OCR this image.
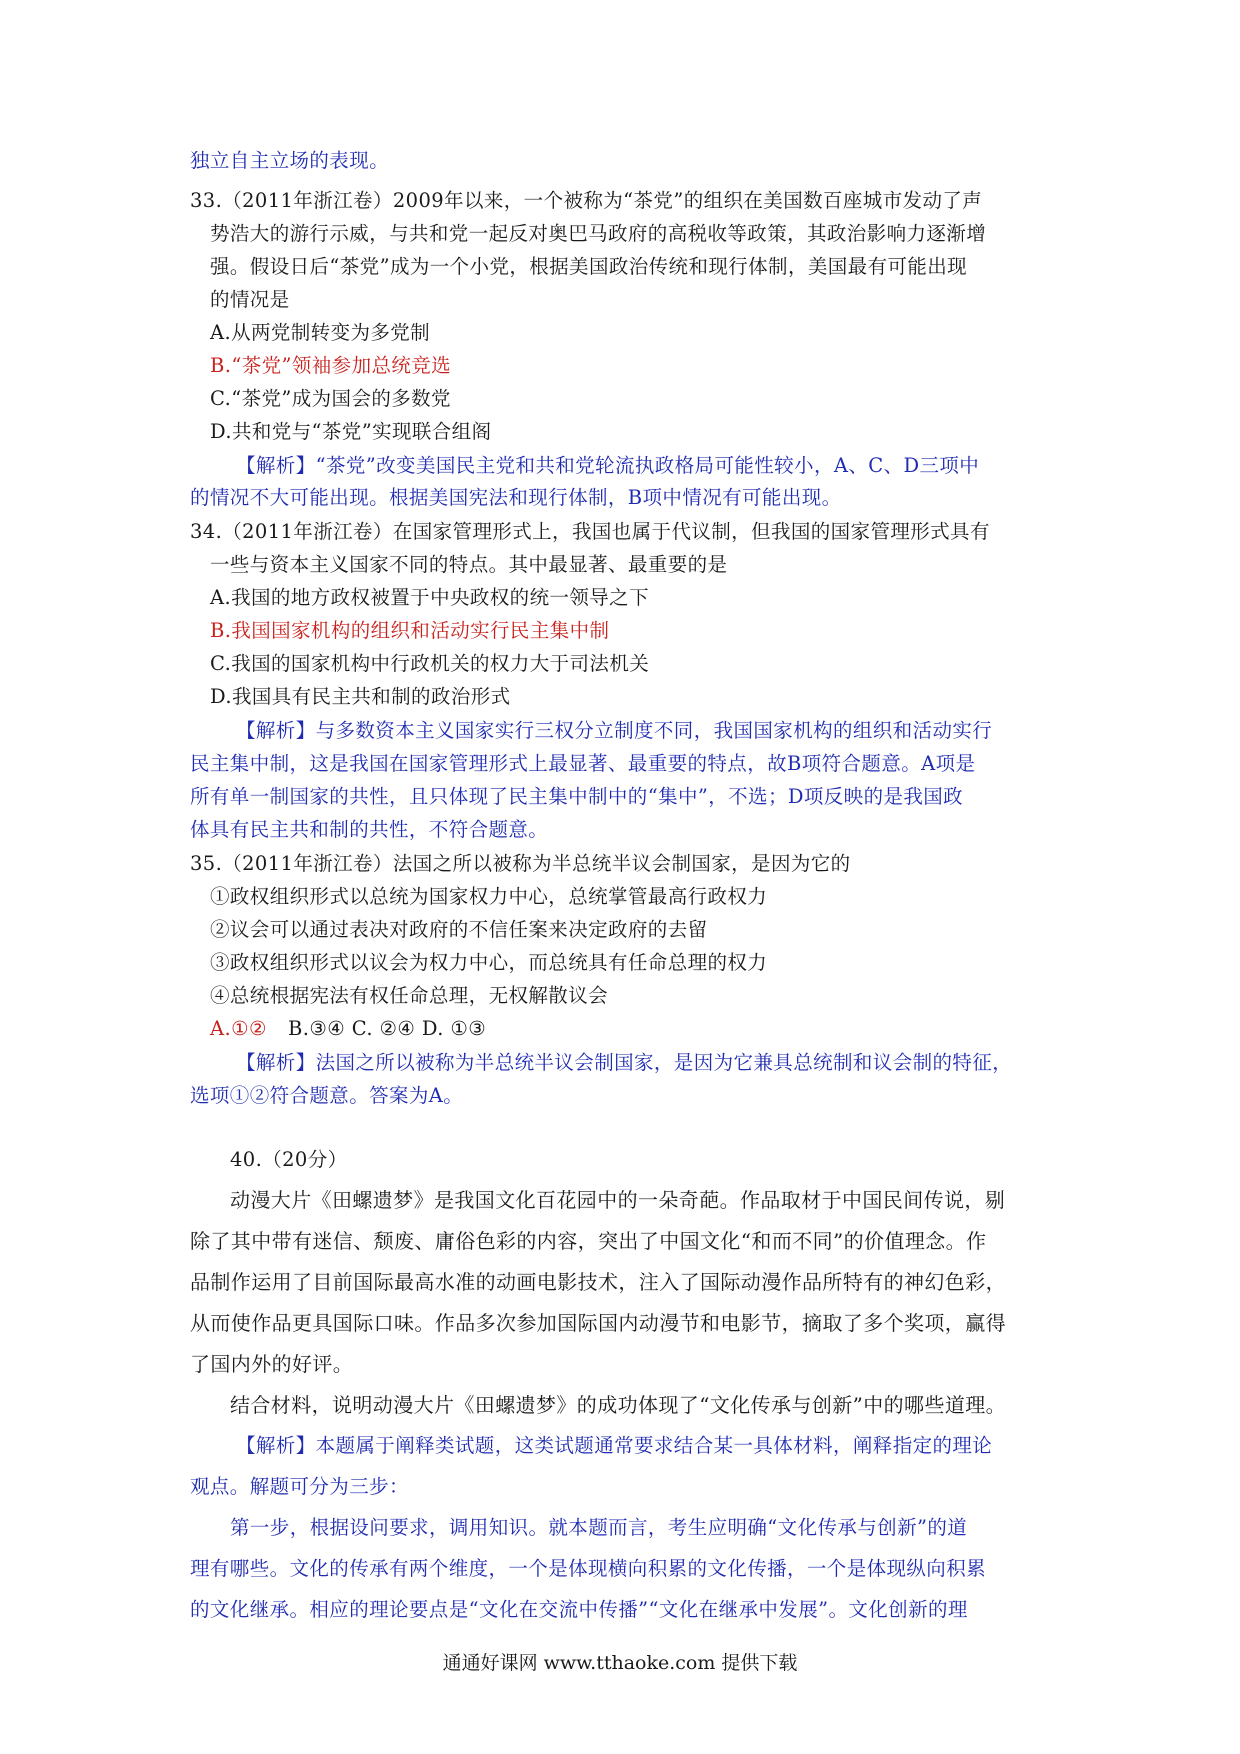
独立自主立场的表现。
33.（2011年浙江卷）2009年以来，一个被称为“茶党”的组织在美国数百座城市发动了声
势浩大的游行示威，与共和党一起反对奥巴马政府的高税收等政策，其政治影响力逐渐增
强。假设日后“茶党”成为一个小党，根据美国政治传统和现行体制，美国最有可能出现
的情况是
A.从两党制转变为多党制
B.“茶党”领袖参加总统竞选
C.“茶党”成为国会的多数党
D.共和党与“茶党”实现联合组阁
【解析】“茶党”改变美国民主党和共和党轮流执政格局可能性较小，A、C、D三项中
的情况不大可能出现。根据美国宪法和现行体制，B项中情况有可能出现。
34.（2011年浙江卷）在国家管理形式上，我国也属于代议制，但我国的国家管理形式具有
一些与资本主义国家不同的特点。其中最显著、最重要的是
A.我国的地方政权被置于中央政权的统一领导之下
B.我国国家机构的组织和活动实行民主集中制
C.我国的国家机构中行政机关的权力大于司法机关
D.我国具有民主共和制的政治形式
【解析】与多数资本主义国家实行三权分立制度不同，我国国家机构的组织和活动实行
民主集中制，这是我国在国家管理形式上最显著、最重要的特点，故B项符合题意。A项是
所有单一制国家的共性，且只体现了民主集中制中的“集中”，不选；D项反映的是我国政
体具有民主共和制的共性，不符合题意。
35.（2011年浙江卷）法国之所以被称为半总统半议会制国家，是因为它的
①政权组织形式以总统为国家权力中心，总统掌管最高行政权力
②议会可以通过表决对政府的不信任案来决定政府的去留
③政权组织形式以议会为权力中心，而总统具有任命总理的权力
④总统根据宪法有权任命总理，无权解散议会
A.①② B.③④ C. ②④ D. ①③
【解析】法国之所以被称为半总统半议会制国家，是因为它兼具总统制和议会制的特征，
选项①②符合题意。答案为A。
40.（20分）
动漫大片《田螺遗梦》是我国文化百花园中的一朵奇葩。作品取材于中国民间传说，剔
除了其中带有迷信、颓废、庸俗色彩的内容，突出了中国文化“和而不同”的价值理念。作
品制作运用了目前国际最高水准的动画电影技术，注入了国际动漫作品所特有的神幻色彩，
从而使作品更具国际口味。作品多次参加国际国内动漫节和电影节，摘取了多个奖项，赢得
了国内外的好评。
结合材料，说明动漫大片《田螺遗梦》的成功体现了“文化传承与创新”中的哪些道理。
【解析】本题属于阐释类试题，这类试题通常要求结合某一具体材料，阐释指定的理论
观点。解题可分为三步：
第一步，根据设问要求，调用知识。就本题而言，考生应明确“文化传承与创新”的道
理有哪些。文化的传承有两个维度，一个是体现横向积累的文化传播，一个是体现纵向积累
的文化继承。相应的理论要点是“文化在交流中传播”“文化在继承中发展”。文化创新的理
通通好课网 www.tthaoke.com 提供下载
